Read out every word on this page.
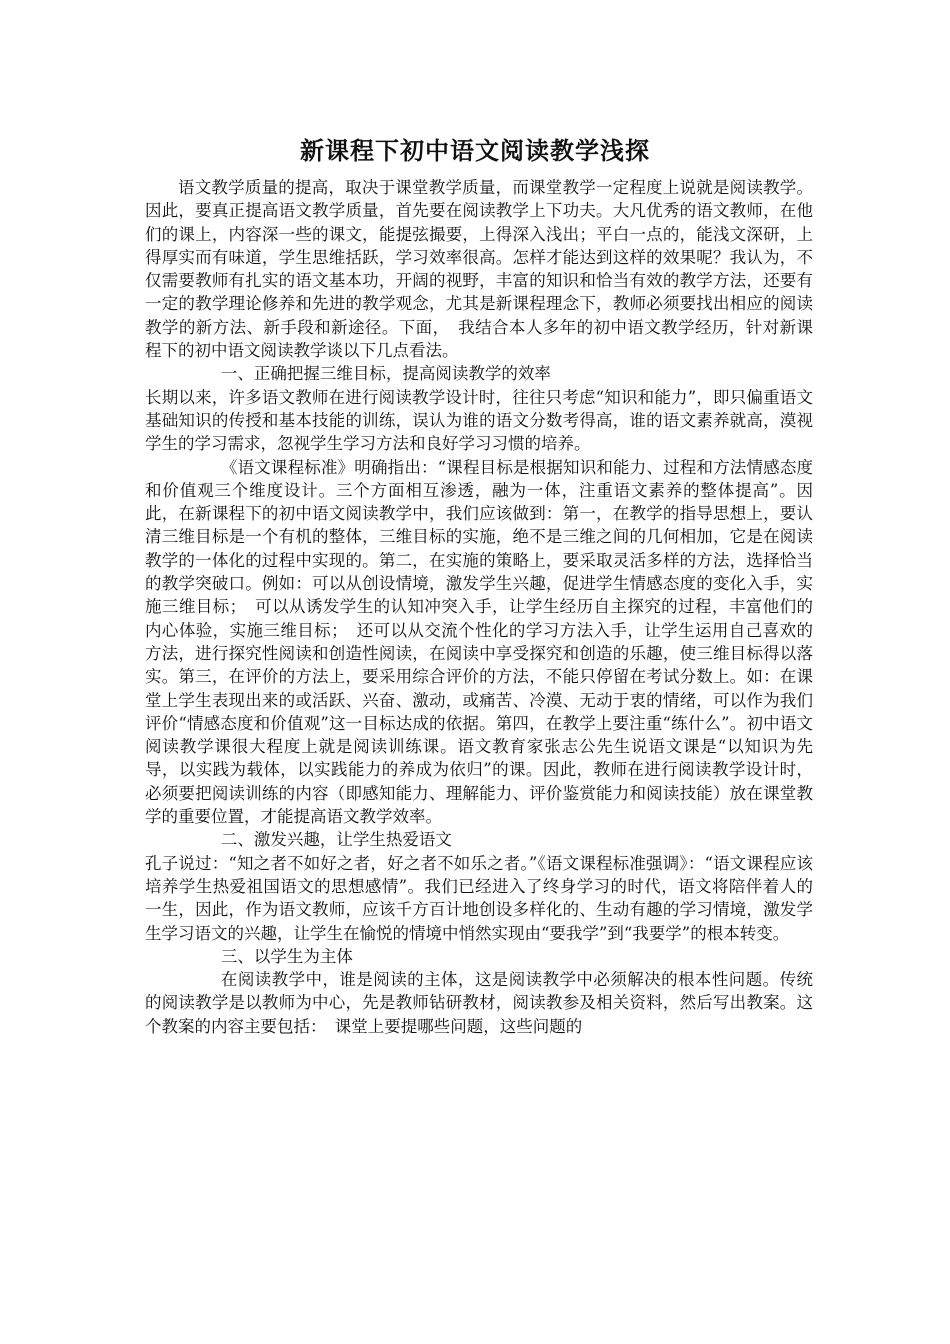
新课程下初中语文阅读教学浅探

语文教学质量的提高，取决于课堂教学质量，而课堂教学一定程度上说就是阅读教学。因此，要真正提高语文教学质量，首先要在阅读教学上下功夫。大凡优秀的语文教师，在他们的课上，内容深一些的课文，能提弦撮要，上得深入浅出；平白一点的，能浅文深研，上得厚实而有味道，学生思维括跃，学习效率很高。怎样才能达到这样的效果呢？我认为，不仅需要教师有扎实的语文基本功，开阔的视野，丰富的知识和恰当有效的教学方法，还要有一定的教学理论修养和先进的教学观念，尤其是新课程理念下，教师必须要找出相应的阅读教学的新方法、新手段和新途径。下面，　我结合本人多年的初中语文教学经历，针对新课程下的初中语文阅读教学谈以下几点看法。

一、正确把握三维目标，提高阅读教学的效率

长期以来，许多语文教师在进行阅读教学设计时，往往只考虑“知识和能力”，即只偏重语文基础知识的传授和基本技能的训练，误认为谁的语文分数考得高，谁的语文素养就高，漠视学生的学习需求，忽视学生学习方法和良好学习习惯的培养。

《语文课程标准》明确指出：“课程目标是根据知识和能力、过程和方法情感态度和价值观三个维度设计。三个方面相互渗透，融为一体，注重语文素养的整体提高”。因此，在新课程下的初中语文阅读教学中，我们应该做到：第一，在教学的指导思想上，要认清三维目标是一个有机的整体，三维目标的实施，绝不是三维之间的几何相加，它是在阅读教学的一体化的过程中实现的。第二，在实施的策略上，要采取灵活多样的方法，选择恰当的教学突破口。例如：可以从创设情境，激发学生兴趣，促进学生情感态度的变化入手，实施三维目标；　可以从诱发学生的认知冲突入手，让学生经历自主探究的过程，丰富他们的内心体验，实施三维目标；　还可以从交流个性化的学习方法入手，让学生运用自己喜欢的方法，进行探究性阅读和创造性阅读，在阅读中享受探究和创造的乐趣，使三维目标得以落实。第三，在评价的方法上，要采用综合评价的方法，不能只停留在考试分数上。如：在课堂上学生表现出来的或活跃、兴奋、激动，或痛苦、冷漠、无动于衷的情绪，可以作为我们评价“情感态度和价值观”这一目标达成的依据。第四，在教学上要注重“练什么”。初中语文阅读教学课很大程度上就是阅读训练课。语文教育家张志公先生说语文课是“以知识为先导，以实践为载体，以实践能力的养成为依归”的课。因此，教师在进行阅读教学设计时，必须要把阅读训练的内容（即感知能力、理解能力、评价鉴赏能力和阅读技能）放在课堂教学的重要位置，才能提高语文教学效率。

二、激发兴趣，让学生热爱语文

孔子说过：“知之者不如好之者，好之者不如乐之者。”《语文课程标准强调》：“语文课程应该培养学生热爱祖国语文的思想感情”。我们已经进入了终身学习的时代，语文将陪伴着人的一生，因此，作为语文教师，应该千方百计地创设多样化的、生动有趣的学习情境，激发学生学习语文的兴趣，让学生在愉悦的情境中悄然实现由“要我学”到“我要学”的根本转变。

三、以学生为主体

在阅读教学中，谁是阅读的主体，这是阅读教学中必须解决的根本性问题。传统的阅读教学是以教师为中心，先是教师钻研教材，阅读教参及相关资料，然后写出教案。这个教案的内容主要包括：　课堂上要提哪些问题，这些问题的
